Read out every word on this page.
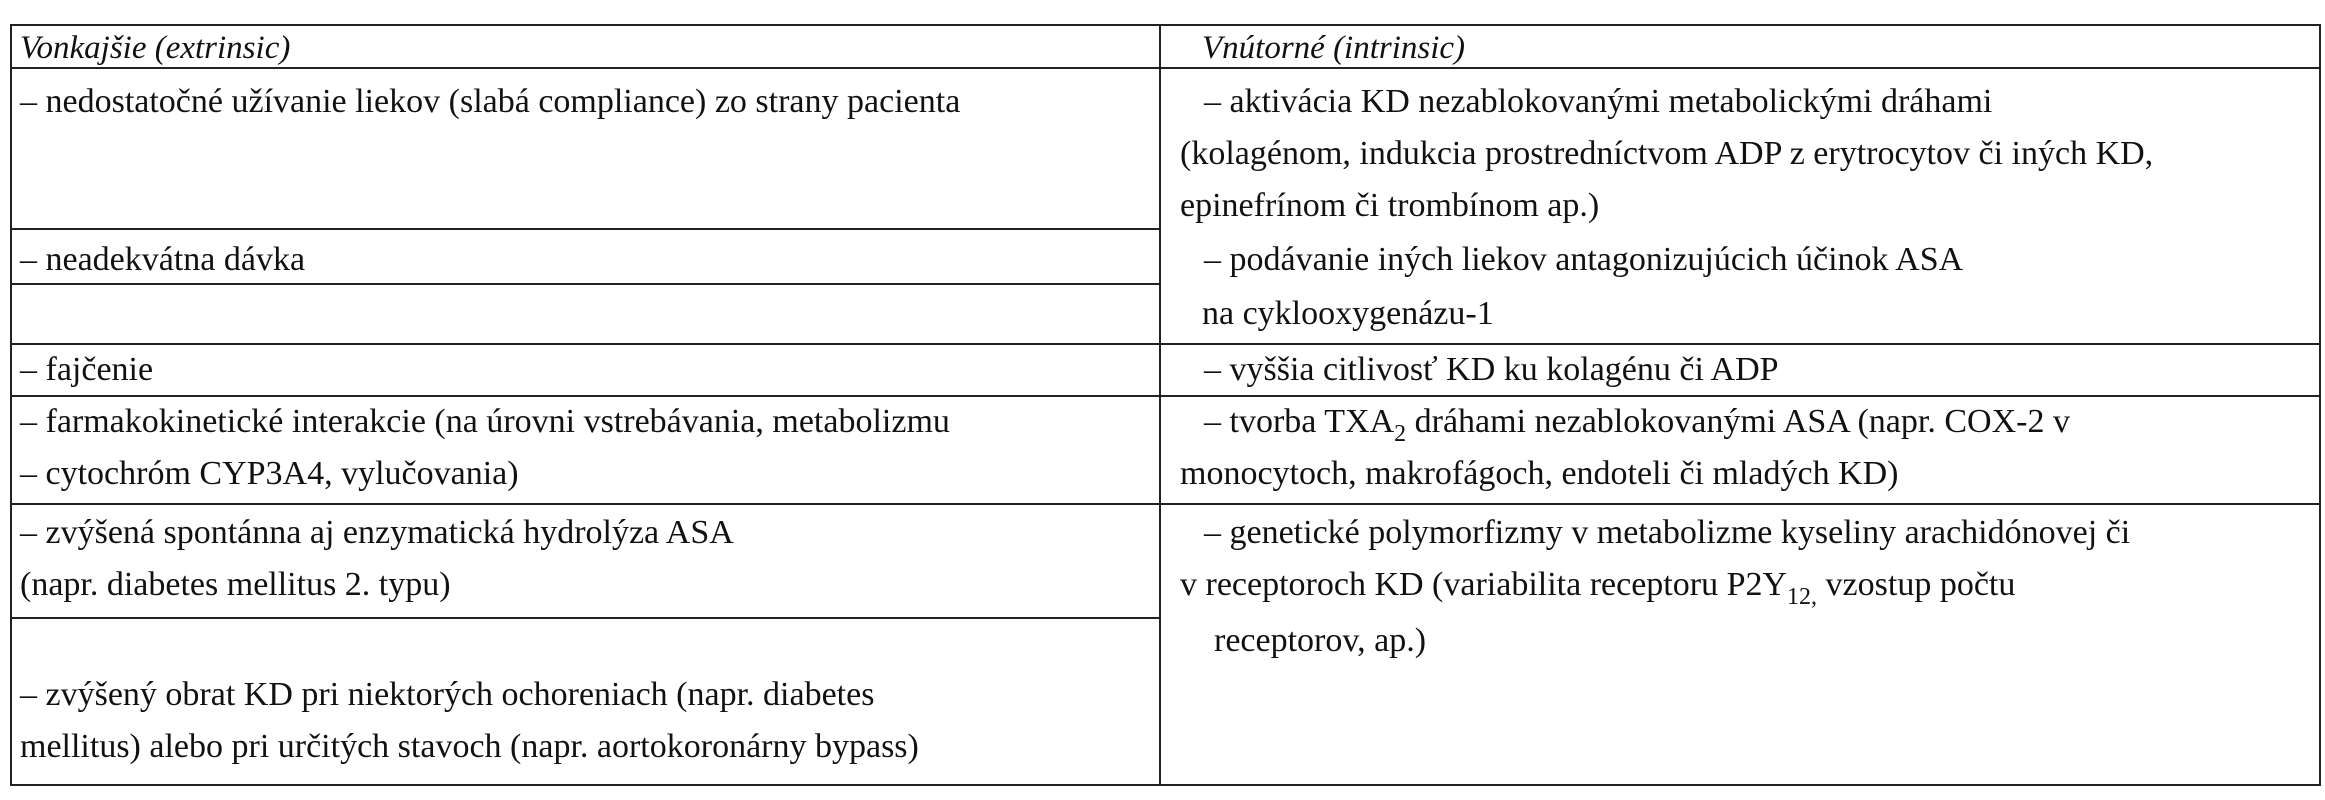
Vonkajšie (extrinsic)	Vnútorné (intrinsic)
– nedostatočné užívanie liekov (slabá compliance) zo strany pacienta
– neadekvátna dávka
– fajčenie
– farmakokinetické interakcie (na úrovni vstrebávania, metabolizmu
– cytochróm CYP3A4, vylučovania)
– zvýšená spontánna aj enzymatická hydrolýza ASA
(napr. diabetes mellitus 2. typu)
– zvýšený obrat KD pri niektorých ochoreniach (napr. diabetes
mellitus) alebo pri určitých stavoch (napr. aortokoronárny bypass)
– aktivácia KD nezablokovanými metabolickými dráhami
(kolagénom, indukcia prostredníctvom ADP z erytrocytov či iných KD,
epinefrínom či trombínom ap.)
– podávanie iných liekov antagonizujúcich účinok ASA
na cyklooxygenázu-1
– vyššia citlivosť KD ku kolagénu či ADP
– tvorba $TXA_2$ dráhami nezablokovanými ASA (napr. COX-2 v
monocytoch, makrofágoch, endoteli či mladých KD)
– genetické polymorfizmy v metabolizme kyseliny arachidónovej či
v receptoroch KD (variabilita receptoru $P2Y_{12,}$ vzostup počtu
receptorov, ap.)
